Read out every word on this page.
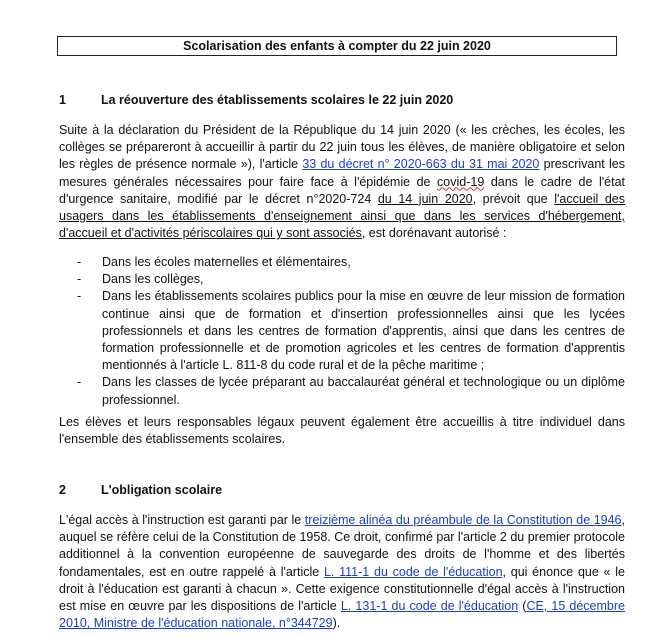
Scolarisation des enfants à compter du 22 juin 2020
1	La réouverture des établissements scolaires le 22 juin 2020
Suite à la déclaration du Président de la République du 14 juin 2020 (« les crèches, les écoles, les collèges se prépareront à accueillir à partir du 22 juin tous les élèves, de manière obligatoire et selon les règles de présence normale »), l'article 33 du décret n° 2020-663 du 31 mai 2020 prescrivant les mesures générales nécessaires pour faire face à l'épidémie de covid-19 dans le cadre de l'état d'urgence sanitaire, modifié par le décret n°2020-724 du 14 juin 2020, prévoit que l'accueil des usagers dans les établissements d'enseignement ainsi que dans les services d'hébergement, d'accueil et d'activités périscolaires qui y sont associés, est dorénavant autorisé :
- Dans les écoles maternelles et élémentaires,
- Dans les collèges,
- Dans les établissements scolaires publics pour la mise en œuvre de leur mission de formation continue ainsi que de formation et d'insertion professionnelles ainsi que les lycées professionnels et dans les centres de formation d'apprentis, ainsi que dans les centres de formation professionnelle et de promotion agricoles et les centres de formation d'apprentis mentionnés à l'article L. 811-8 du code rural et de la pêche maritime ;
- Dans les classes de lycée préparant au baccalauréat général et technologique ou un diplôme professionnel.
Les élèves et leurs responsables légaux peuvent également être accueillis à titre individuel dans l'ensemble des établissements scolaires.
2	L'obligation scolaire
L'égal accès à l'instruction est garanti par le treizième alinéa du préambule de la Constitution de 1946, auquel se réfère celui de la Constitution de 1958. Ce droit, confirmé par l'article 2 du premier protocole additionnel à la convention européenne de sauvegarde des droits de l'homme et des libertés fondamentales, est en outre rappelé à l'article L. 111-1 du code de l'éducation, qui énonce que « le droit à l'éducation est garanti à chacun ». Cette exigence constitutionnelle d'égal accès à l'instruction est mise en œuvre par les dispositions de l'article L. 131-1 du code de l'éducation (CE, 15 décembre 2010, Ministre de l'éducation nationale, n°344729).
